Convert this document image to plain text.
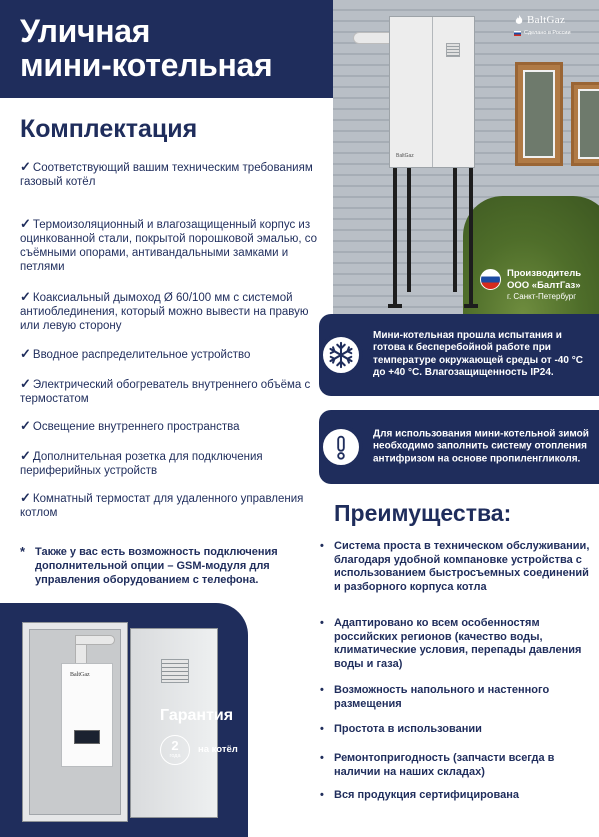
Уличная
мини-котельная
BaltGaz
BaltGaz
Сделано в России
Производитель
ООО «БалтГаз»
г. Санкт-Петербург
Мини-котельная прошла испытания и готова к бесперебойной работе при температуре окружающей среды от -40 °С до +40 °С. Влагозащищенность IP24.
Для использования мини-котельной зимой необходимо заполнить систему отопления антифризом на основе пропиленгликоля.
Комплектация
✓ Соответствующий вашим техническим требованиям газовый котёл
✓ Термоизоляционный и влагозащищенный корпус из оцинкованной стали, покрытой порошковой эмалью, со съёмными опорами, антивандальными замками и петлями
✓ Коаксиальный дымоход Ø 60/100 мм с системой антиоблединения, который можно вывести на правую или левую сторону
✓ Вводное распределительное устройство
✓ Электрический обогреватель внутреннего объёма с термостатом
✓ Освещение внутреннего пространства
✓ Дополнительная розетка для подключения периферийных устройств
✓ Комнатный термостат для удаленного управления котлом
* Также у вас есть возможность подключения дополнительной опции – GSM-модуля для управления оборудованием с телефона.
BaltGaz
Гарантия
2
года
на котёл
Преимущества:
• Система проста в техническом обслуживании, благодаря удобной компановке устройства с использованием быстросъемных соединений и разборного корпуса котла
• Адаптировано ко всем особенностям российских регионов (качество воды, климатические условия, перепады давления воды и газа)
• Возможность напольного и настенного размещения
• Простота в использовании
• Ремонтопригодность (запчасти всегда в наличии на наших складах)
• Вся продукция сертифицирована
